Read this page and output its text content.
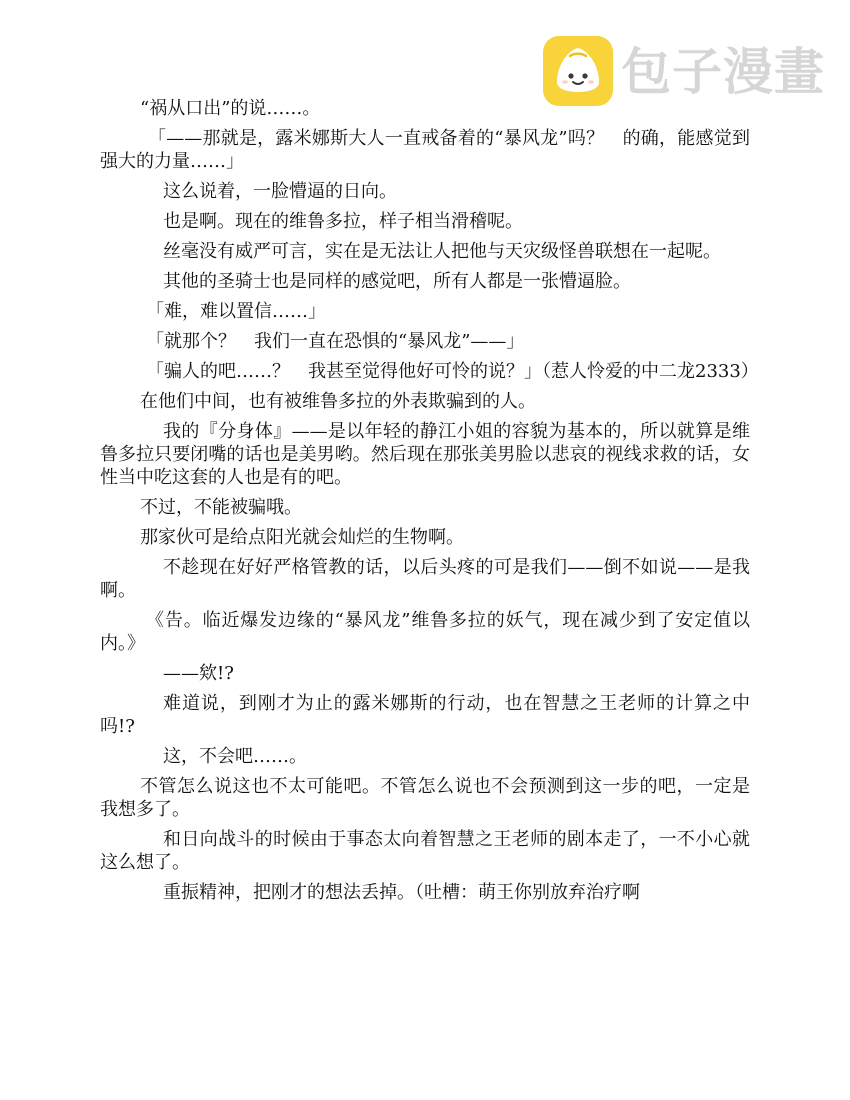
包子漫畫

“祸从口出”的说……。

「——那就是，露米娜斯大人一直戒备着的“暴风龙”吗？　的确，能感觉到强大的力量……」

这么说着，一脸懵逼的日向。

也是啊。现在的维鲁多拉，样子相当滑稽呢。

丝毫没有威严可言，实在是无法让人把他与天灾级怪兽联想在一起呢。

其他的圣骑士也是同样的感觉吧，所有人都是一张懵逼脸。

「难，难以置信……」

「就那个？　我们一直在恐惧的“暴风龙”——」

「骗人的吧……？　我甚至觉得他好可怜的说？」（惹人怜爱的中二龙2333）

在他们中间，也有被维鲁多拉的外表欺骗到的人。

我的『分身体』——是以年轻的静江小姐的容貌为基本的，所以就算是维鲁多拉只要闭嘴的话也是美男哟。然后现在那张美男脸以悲哀的视线求救的话，女性当中吃这套的人也是有的吧。

不过，不能被骗哦。

那家伙可是给点阳光就会灿烂的生物啊。

不趁现在好好严格管教的话，以后头疼的可是我们——倒不如说——是我啊。

《告。临近爆发边缘的“暴风龙”维鲁多拉的妖气，现在减少到了安定值以内。》

——欸!?

难道说，到刚才为止的露米娜斯的行动，也在智慧之王老师的计算之中吗!?

这，不会吧……。

不管怎么说这也不太可能吧。不管怎么说也不会预测到这一步的吧，一定是我想多了。

和日向战斗的时候由于事态太向着智慧之王老师的剧本走了，一不小心就这么想了。

重振精神，把刚才的想法丢掉。（吐槽：萌王你别放弃治疗啊
